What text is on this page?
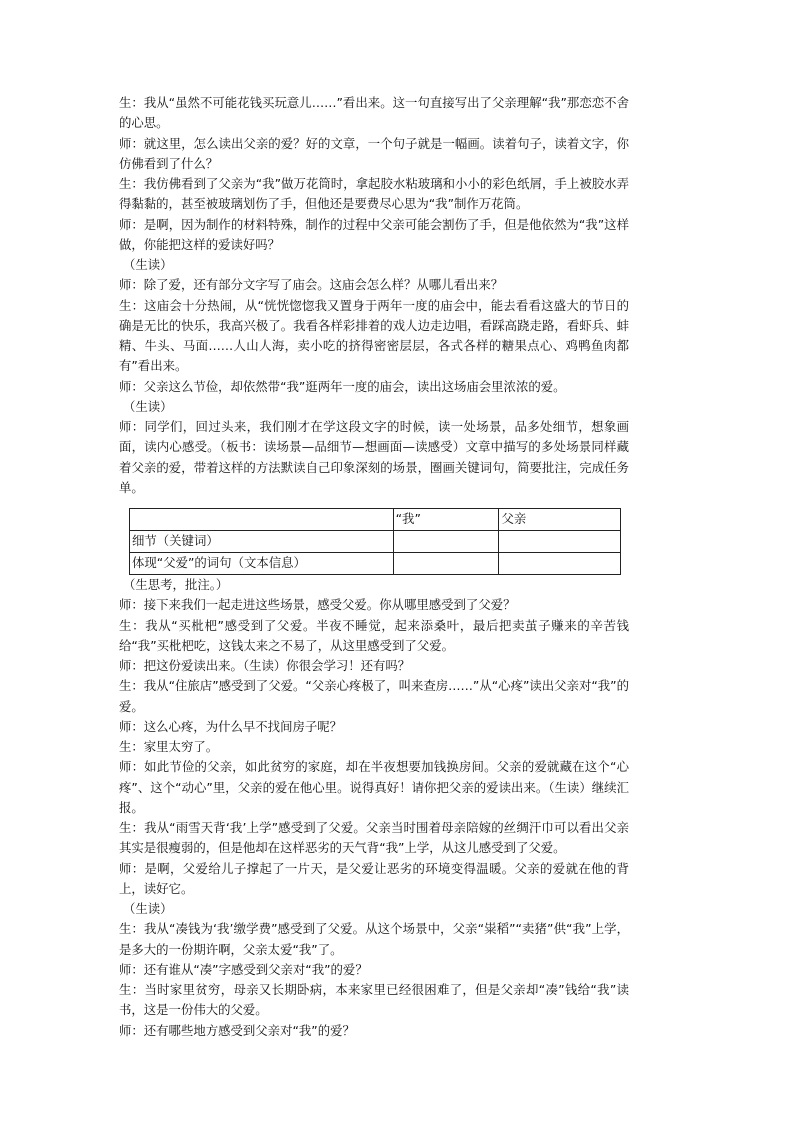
生：我从“虽然不可能花钱买玩意儿……”看出来。这一句直接写出了父亲理解“我”那恋恋不舍的心思。

师：就这里，怎么读出父亲的爱？好的文章，一个句子就是一幅画。读着句子，读着文字，你仿佛看到了什么？

生：我仿佛看到了父亲为“我”做万花筒时，拿起胶水粘玻璃和小小的彩色纸屑，手上被胶水弄得黏黏的，甚至被玻璃划伤了手，但他还是要费尽心思为“我”制作万花筒。

师：是啊，因为制作的材料特殊，制作的过程中父亲可能会割伤了手，但是他依然为“我”这样做，你能把这样的爱读好吗？

（生读）

师：除了爱，还有部分文字写了庙会。这庙会怎么样？从哪儿看出来？

生：这庙会十分热闹，从“恍恍惚惚我又置身于两年一度的庙会中，能去看看这盛大的节日的确是无比的快乐，我高兴极了。我看各样彩排着的戏人边走边唱，看踩高跷走路，看虾兵、蚌精、牛头、马面……人山人海，卖小吃的挤得密密层层，各式各样的糖果点心、鸡鸭鱼肉都有”看出来。

师：父亲这么节俭，却依然带“我”逛两年一度的庙会，读出这场庙会里浓浓的爱。

（生读）

师：同学们，回过头来，我们刚才在学这段文字的时候，读一处场景，品多处细节，想象画面，读内心感受。（板书：读场景—品细节—想画面—读感受）文章中描写的多处场景同样藏着父亲的爱，带着这样的方法默读自己印象深刻的场景，圈画关键词句，简要批注，完成任务单。

	“我”	父亲
细节（关键词）		
体现“父爱”的词句（文本信息）		

（生思考，批注。）

师：接下来我们一起走进这些场景，感受父爱。你从哪里感受到了父爱？

生：我从“买枇杷”感受到了父爱。半夜不睡觉，起来添桑叶，最后把卖茧子赚来的辛苦钱给“我”买枇杷吃，这钱太来之不易了，从这里感受到了父爱。

师：把这份爱读出来。（生读）你很会学习！还有吗？

生：我从“住旅店”感受到了父爱。“父亲心疼极了，叫来查房……”从“心疼”读出父亲对“我”的爱。

师：这么心疼，为什么早不找间房子呢？

生：家里太穷了。

师：如此节俭的父亲，如此贫穷的家庭，却在半夜想要加钱换房间。父亲的爱就藏在这个“心疼”、这个“动心”里，父亲的爱在他心里。说得真好！请你把父亲的爱读出来。（生读）继续汇报。

生：我从“雨雪天背‘我’上学”感受到了父爱。父亲当时围着母亲陪嫁的丝绸汗巾可以看出父亲其实是很瘦弱的，但是他却在这样恶劣的天气背“我”上学，从这儿感受到了父爱。

师：是啊，父爱给儿子撑起了一片天，是父爱让恶劣的环境变得温暖。父亲的爱就在他的背上，读好它。

（生读）

生：我从“凑钱为‘我’缴学费”感受到了父爱。从这个场景中，父亲“粜稻”“卖猪”供“我”上学，是多大的一份期许啊，父亲太爱“我”了。

师：还有谁从“凑”字感受到父亲对“我”的爱？

生：当时家里贫穷，母亲又长期卧病，本来家里已经很困难了，但是父亲却“凑”钱给“我”读书，这是一份伟大的父爱。

师：还有哪些地方感受到父亲对“我”的爱？
